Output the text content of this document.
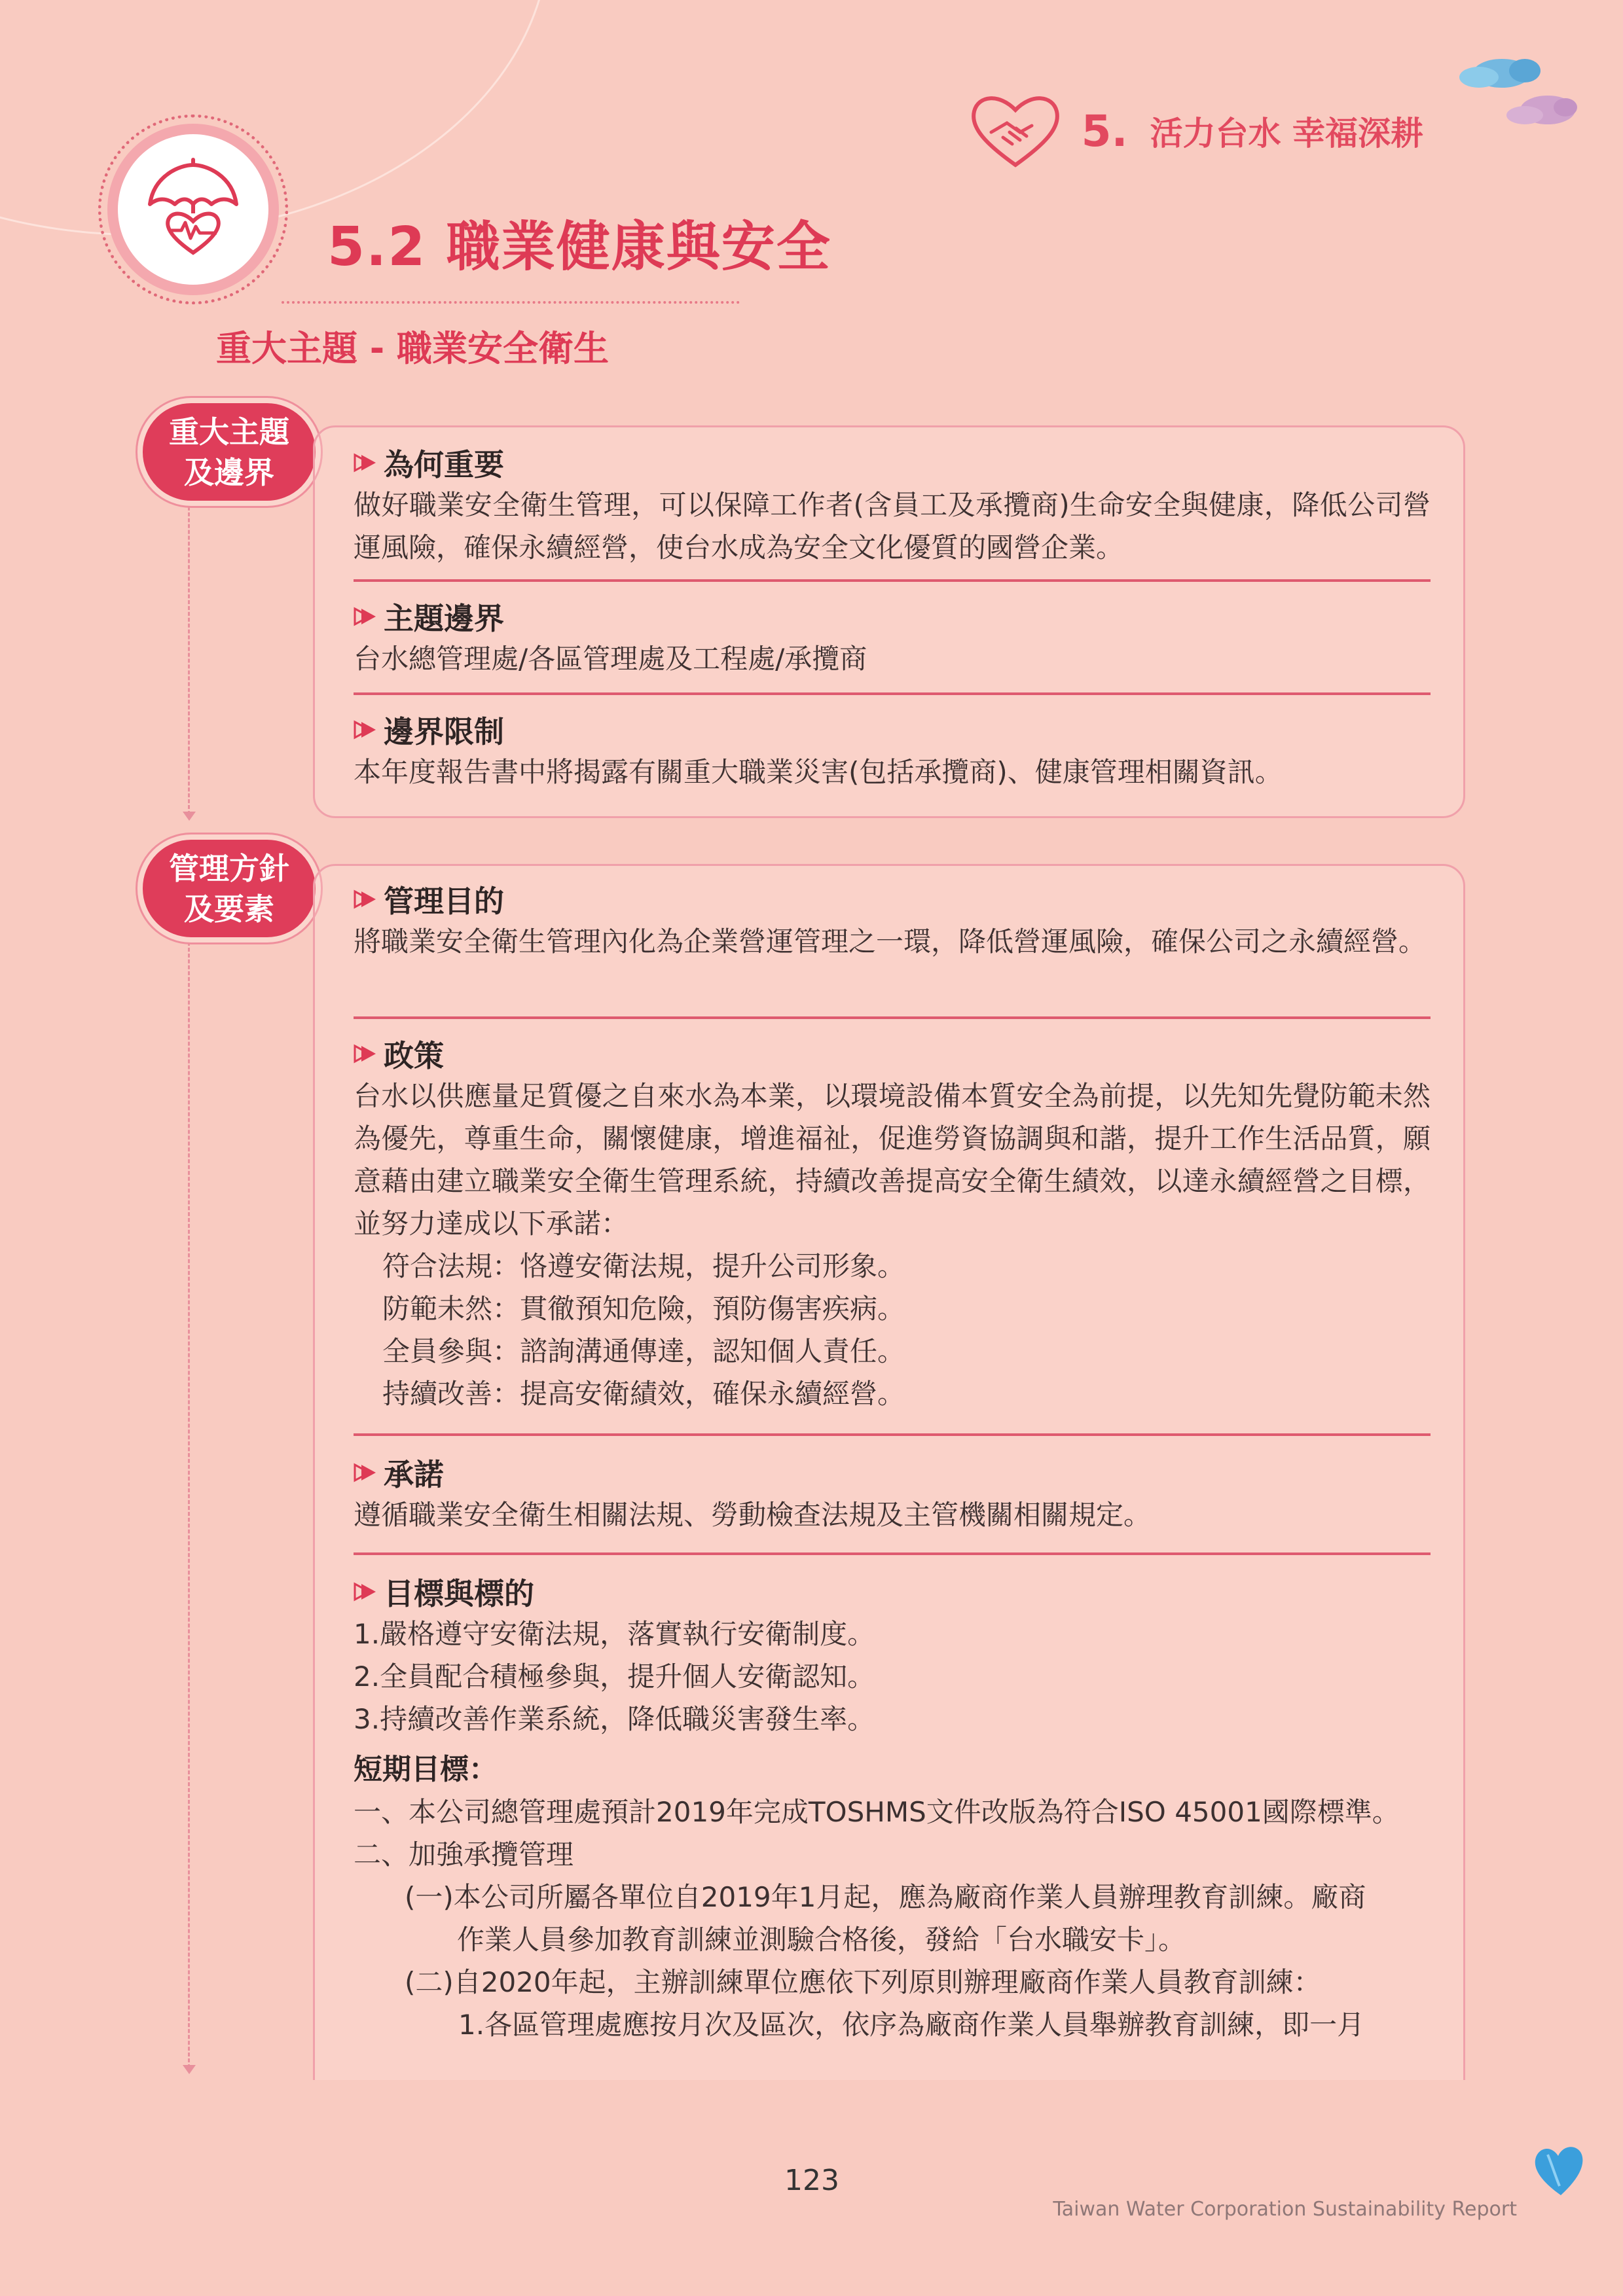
5. 活力台水 幸福深耕
5.2 職業健康與安全
重大主題 - 職業安全衛生
重大主題
及邊界	為何重要
做好職業安全衛生管理，可以保障工作者(含員工及承攬商)生命安全與健康，降低公司營運風險，確保永續經營，使台水成為安全文化優質的國營企業。
主題邊界
台水總管理處/各區管理處及工程處/承攬商
邊界限制
本年度報告書中將揭露有關重大職業災害(包括承攬商)、健康管理相關資訊。
管理方針
及要素	管理目的
將職業安全衛生管理內化為企業營運管理之一環，降低營運風險，確保公司之永續經營。
政策
台水以供應量足質優之自來水為本業，以環境設備本質安全為前提，以先知先覺防範未然為優先，尊重生命，關懷健康，增進福祉，促進勞資協調與和諧，提升工作生活品質，願意藉由建立職業安全衛生管理系統，持續改善提高安全衛生績效，以達永續經營之目標，並努力達成以下承諾：
符合法規：恪遵安衛法規，提升公司形象。
防範未然：貫徹預知危險，預防傷害疾病。
全員參與：諮詢溝通傳達，認知個人責任。
持續改善：提高安衛績效，確保永續經營。
承諾
遵循職業安全衛生相關法規、勞動檢查法規及主管機關相關規定。
目標與標的
1.嚴格遵守安衛法規，落實執行安衛制度。
2.全員配合積極參與，提升個人安衛認知。
3.持續改善作業系統，降低職災害發生率。
短期目標：
一、本公司總管理處預計2019年完成TOSHMS文件改版為符合ISO 45001國際標準。
二、加強承攬管理
(一)本公司所屬各單位自2019年1月起，應為廠商作業人員辦理教育訓練。廠商
作業人員參加教育訓練並測驗合格後，發給「台水職安卡」。
(二)自2020年起，主辦訓練單位應依下列原則辦理廠商作業人員教育訓練：
1.各區管理處應按月次及區次，依序為廠商作業人員舉辦教育訓練，即一月
123
Taiwan Water Corporation Sustainability Report
